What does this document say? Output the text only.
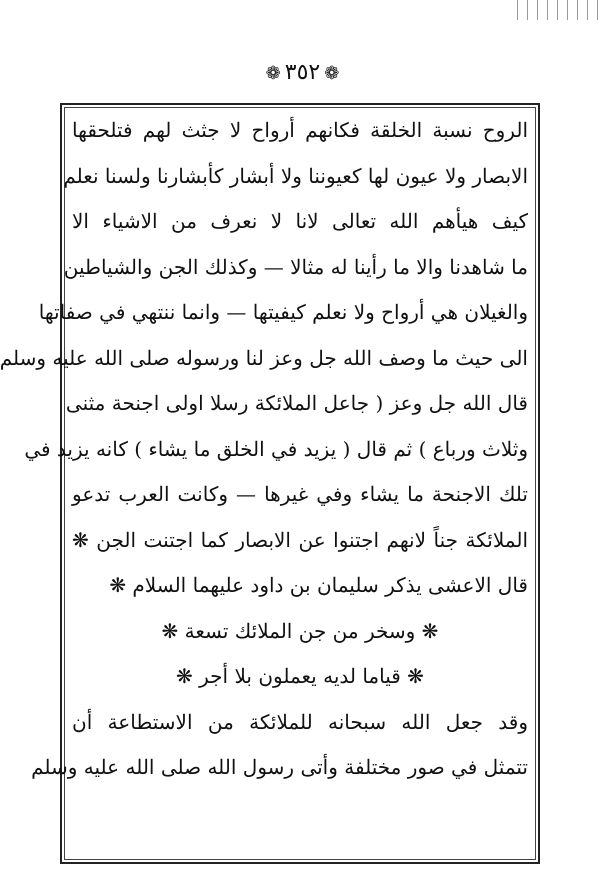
❁٣٥٢❁
الروح نسبة الخلقة فكانهم أرواح لا جثث لهم فتلحقها
الابصار ولا عيون لها كعيوننا ولا أبشار كأبشارنا ولسنا نعلم
كيف هيأهم الله تعالى لانا لا نعرف من الاشياء الا
ما شاهدنا والا ما رأينا له مثالا — وكذلك الجن والشياطين
والغيلان هي أرواح ولا نعلم كيفيتها — وانما ننتهي في صفاتها
الى حيث ما وصف الله جل وعز لنا ورسوله صلى الله عليه وسلم
قال الله جل وعز ( جاعل الملائكة رسلا اولى اجنحة مثنى
وثلاث ورباع ) ثم قال ( يزيد في الخلق ما يشاء ) كانه يزيد في
تلك الاجنحة ما يشاء وفي غيرها — وكانت العرب تدعو
الملائكة جناً لانهم اجتنوا عن الابصار كما اجتنت الجن ❋
قال الاعشى يذكر سليمان بن داود عليهما السلام ❋
❋ وسخر من جن الملائك تسعة ❋
❋ قياما لديه يعملون بلا أجر ❋
وقد جعل الله سبحانه للملائكة من الاستطاعة أن
تتمثل في صور مختلفة وأتى رسول الله صلى الله عليه وسلم
